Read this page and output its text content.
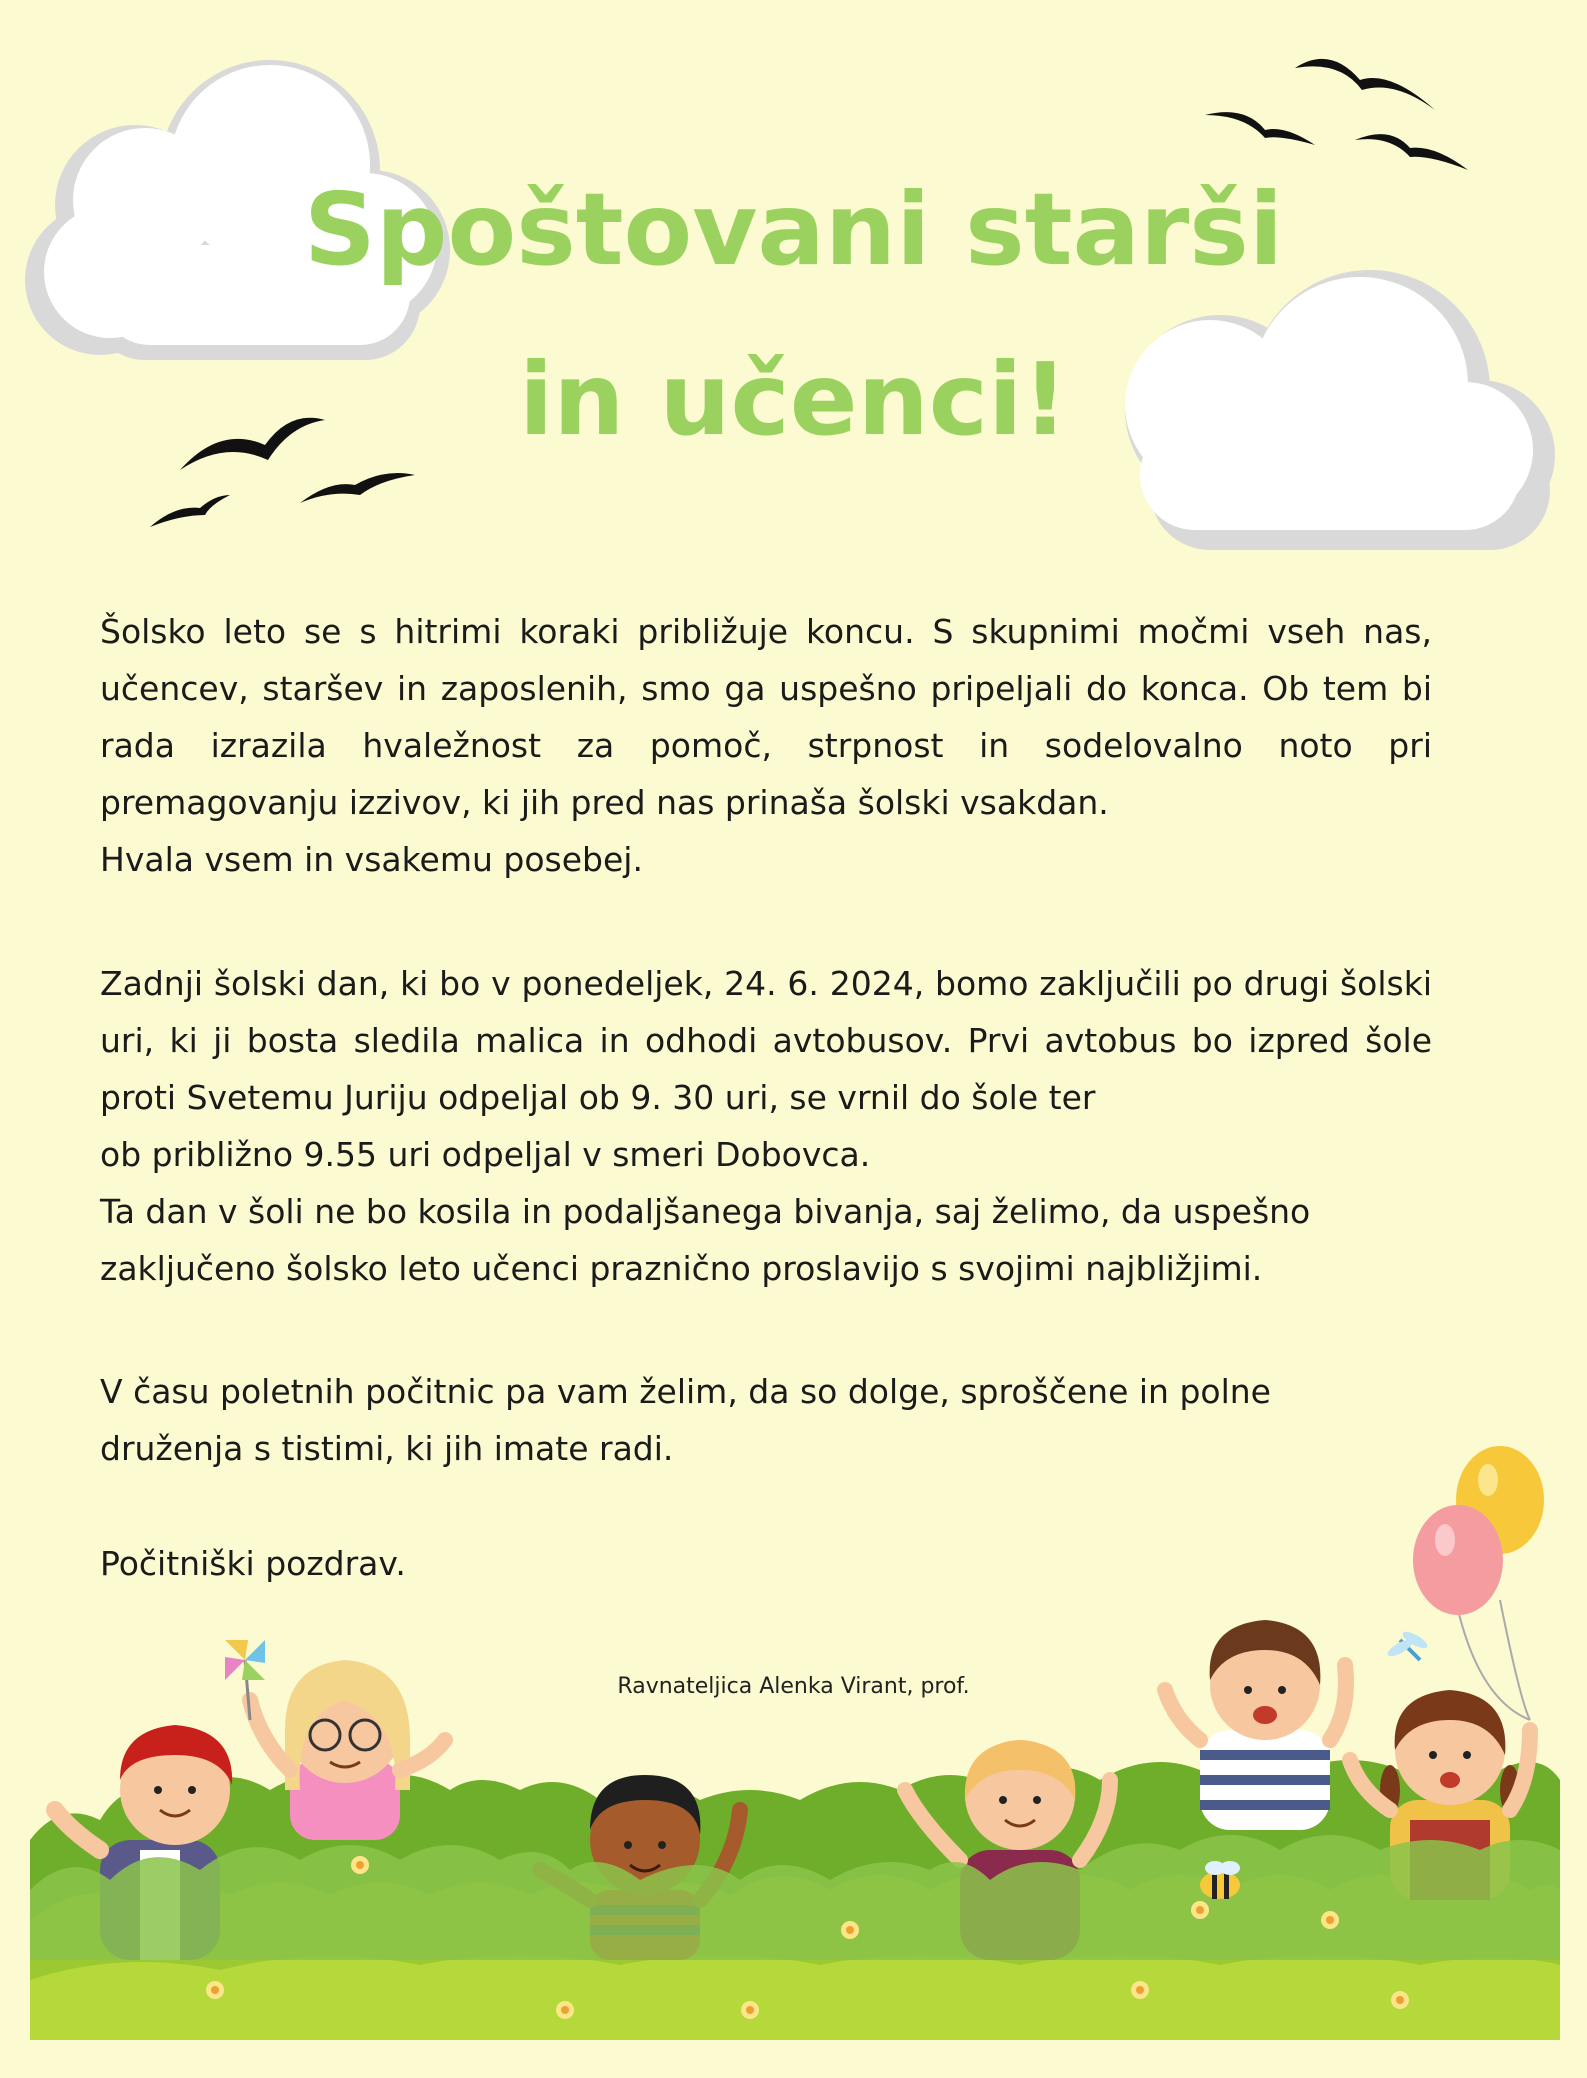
Spoštovani starši
in učenci!

Šolsko leto se s hitrimi koraki približuje koncu. S skupnimi močmi vseh nas, učencev, staršev in zaposlenih, smo ga uspešno pripeljali do konca. Ob tem bi rada izrazila hvaležnost za pomoč, strpnost in sodelovalno noto pri premagovanju izzivov, ki jih pred nas prinaša šolski vsakdan.

Hvala vsem in vsakemu posebej.

Zadnji šolski dan, ki bo v ponedeljek, 24. 6. 2024, bomo zaključili po drugi šolski uri, ki ji bosta sledila malica in odhodi avtobusov. Prvi avtobus bo izpred šole proti Svetemu Juriju odpeljal ob 9. 30 uri, se vrnil do šole ter

ob približno 9.55 uri odpeljal v smeri Dobovca.

Ta dan v šoli ne bo kosila in podaljšanega bivanja, saj želimo, da uspešno

zaključeno šolsko leto učenci praznično proslavijo s svojimi najbližjimi.

V času poletnih počitnic pa vam želim, da so dolge, sproščene in polne

druženja s tistimi, ki jih imate radi.

Počitniški pozdrav.

Ravnateljica Alenka Virant, prof.
